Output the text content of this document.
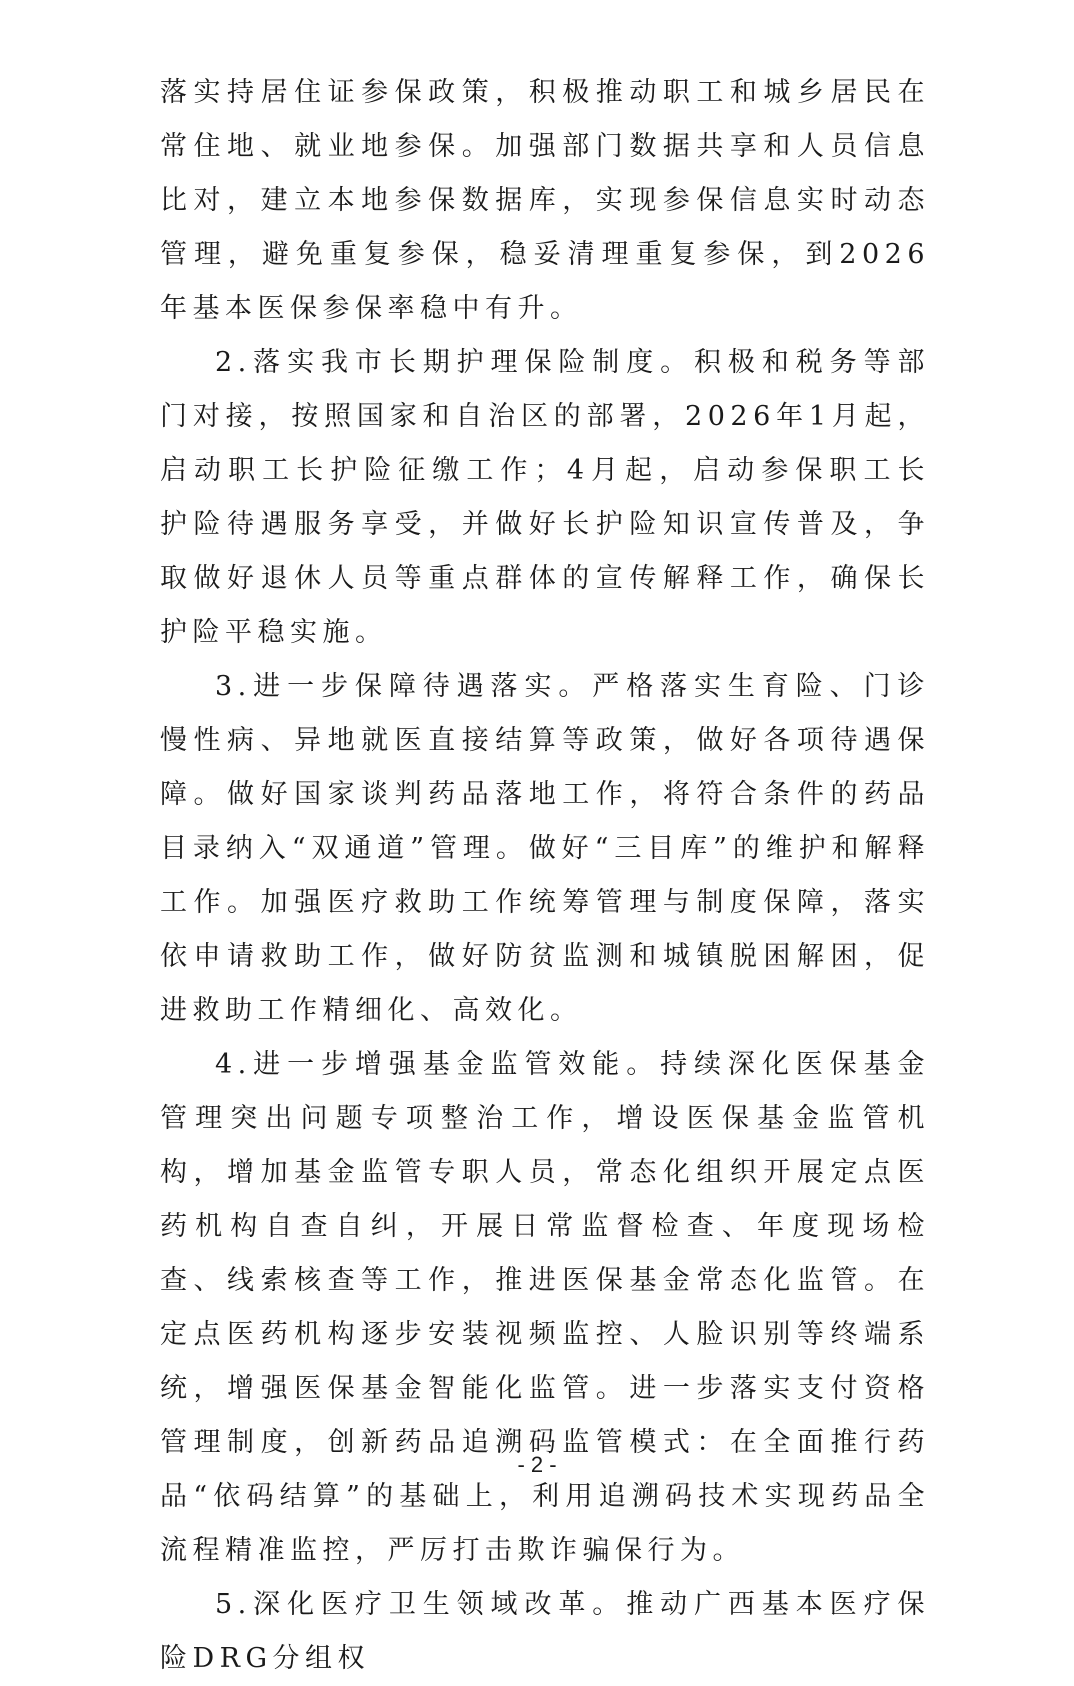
落实持居住证参保政策，积极推动职工和城乡居民在常住地、就业地参保。加强部门数据共享和人员信息比对，建立本地参保数据库，实现参保信息实时动态管理，避免重复参保，稳妥清理重复参保，到2026年基本医保参保率稳中有升。

2.落实我市长期护理保险制度。积极和税务等部门对接，按照国家和自治区的部署，2026年1月起，启动职工长护险征缴工作；4月起，启动参保职工长护险待遇服务享受，并做好长护险知识宣传普及，争取做好退休人员等重点群体的宣传解释工作，确保长护险平稳实施。

3.进一步保障待遇落实。严格落实生育险、门诊慢性病、异地就医直接结算等政策，做好各项待遇保障。做好国家谈判药品落地工作，将符合条件的药品目录纳入“双通道”管理。做好“三目库”的维护和解释工作。加强医疗救助工作统筹管理与制度保障，落实依申请救助工作，做好防贫监测和城镇脱困解困，促进救助工作精细化、高效化。

4.进一步增强基金监管效能。持续深化医保基金管理突出问题专项整治工作，增设医保基金监管机构，增加基金监管专职人员，常态化组织开展定点医药机构自查自纠，开展日常监督检查、年度现场检查、线索核查等工作，推进医保基金常态化监管。在定点医药机构逐步安装视频监控、人脸识别等终端系统，增强医保基金智能化监管。进一步落实支付资格管理制度，创新药品追溯码监管模式：在全面推行药品“依码结算”的基础上，利用追溯码技术实现药品全流程精准监控，严厉打击欺诈骗保行为。

5.深化医疗卫生领域改革。推动广西基本医疗保险DRG分组权

- 2 -
